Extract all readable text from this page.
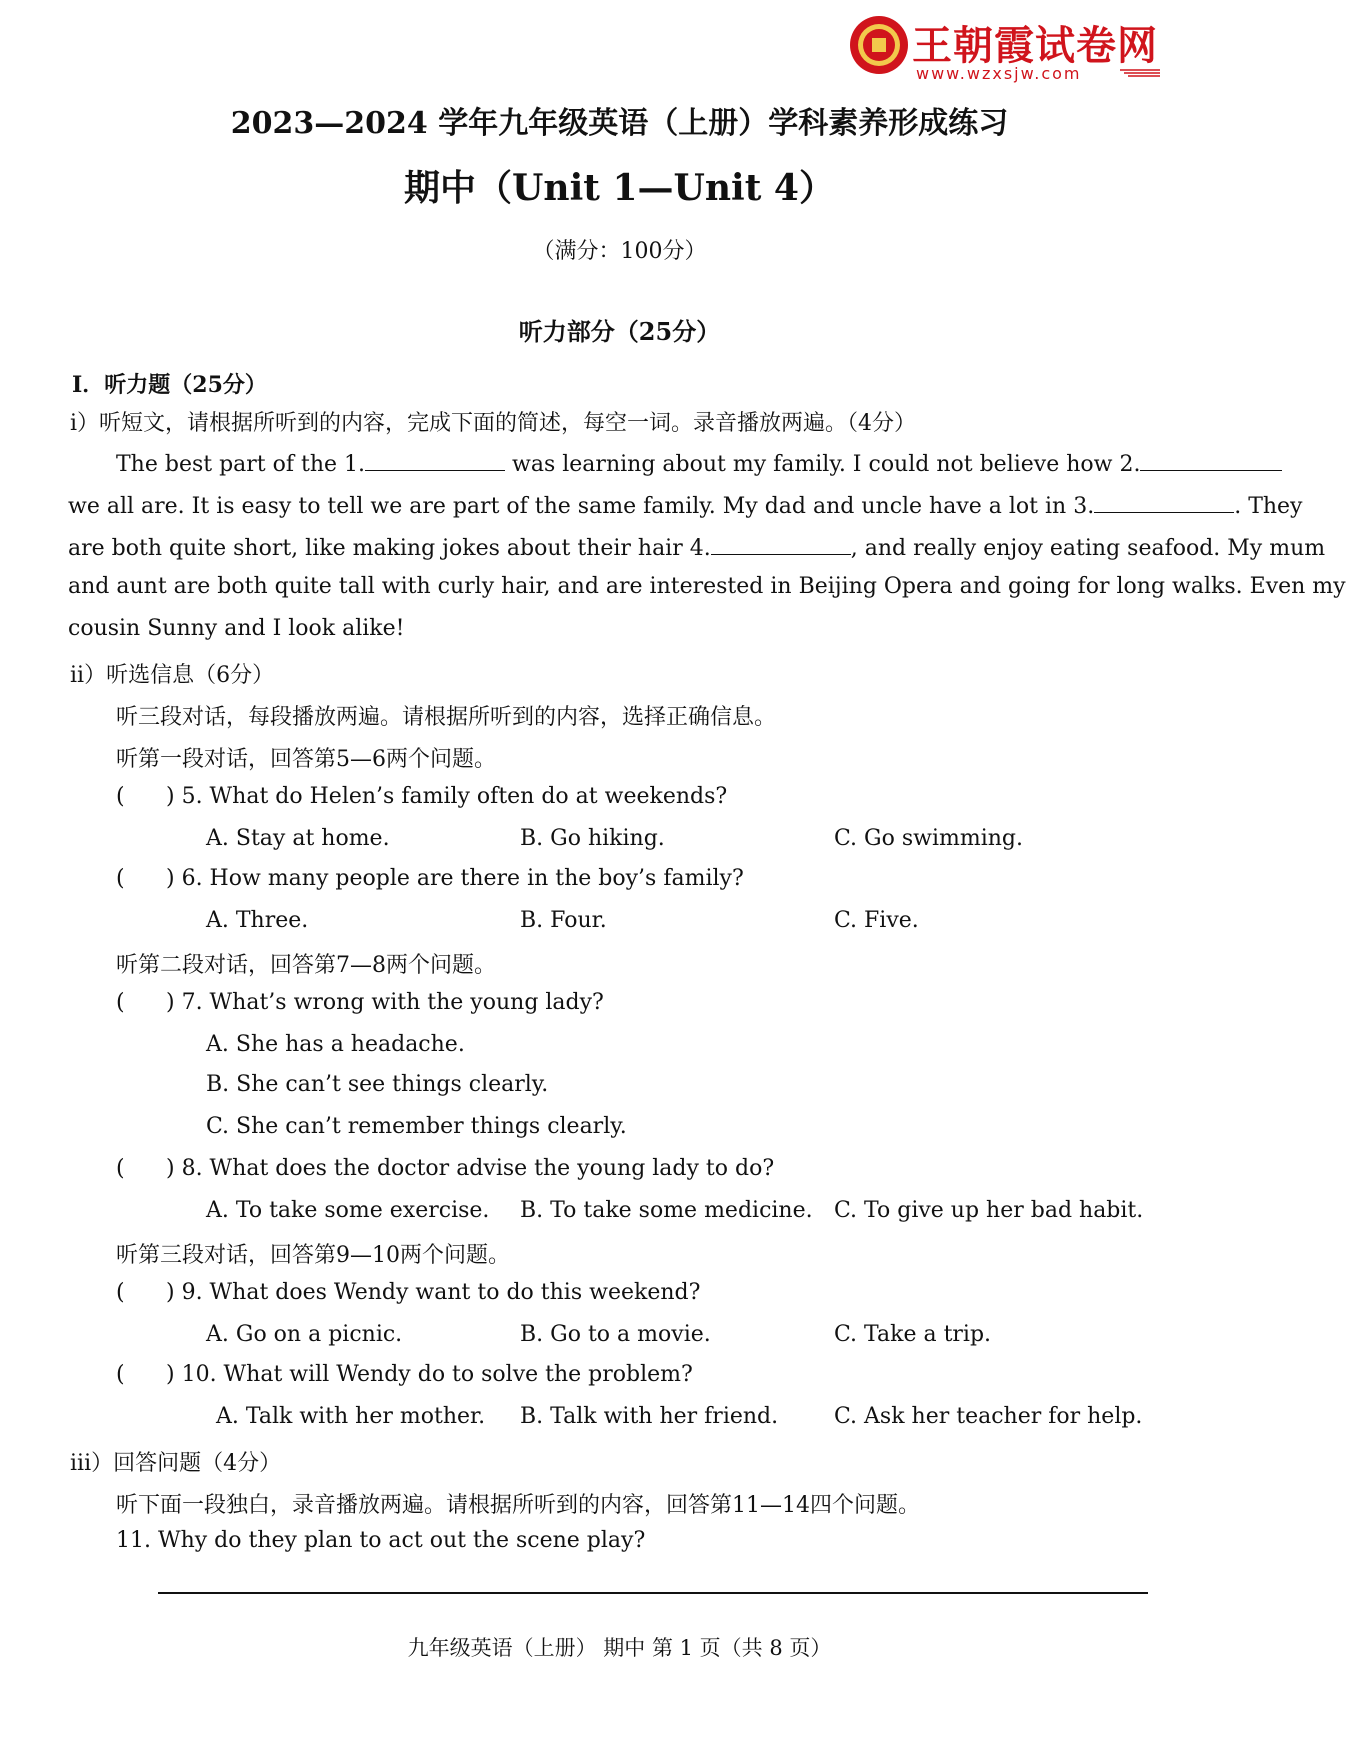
王朝霞试卷网
www.wzxsjw.com
2023—2024 学年九年级英语（上册）学科素养形成练习
期中（Unit 1—Unit 4）
（满分：100分）
听力部分（25分）
I．听力题（25分）
i）听短文，请根据所听到的内容，完成下面的简述，每空一词。录音播放两遍。（4分）
The best part of the 1.	was learning about my family. I could not believe how 2.
we all are. It is easy to tell we are part of the same family. My dad and uncle have a lot in 3.	. They
are both quite short, like making jokes about their hair 4.	, and really enjoy eating seafood. My mum
and aunt are both quite tall with curly hair, and are interested in Beijing Opera and going for long walks. Even my
cousin Sunny and I look alike!
ii）听选信息（6分）
听三段对话，每段播放两遍。请根据所听到的内容，选择正确信息。
听第一段对话，回答第5—6两个问题。
( ) 5. What do Helen’s family often do at weekends?
A. Stay at home.	B. Go hiking.	C. Go swimming.
( ) 6. How many people are there in the boy’s family?
A. Three.	B. Four.	C. Five.
听第二段对话，回答第7—8两个问题。
( ) 7. What’s wrong with the young lady?
A. She has a headache.
B. She can’t see things clearly.
C. She can’t remember things clearly.
( ) 8. What does the doctor advise the young lady to do?
A. To take some exercise. B. To take some medicine. C. To give up her bad habit.
听第三段对话，回答第9—10两个问题。
( ) 9. What does Wendy want to do this weekend?
A. Go on a picnic.	B. Go to a movie.	C. Take a trip.
( ) 10. What will Wendy do to solve the problem?
A. Talk with her mother. B. Talk with her friend.	C. Ask her teacher for help.
iii）回答问题（4分）
听下面一段独白，录音播放两遍。请根据所听到的内容，回答第11—14四个问题。
11. Why do they plan to act out the scene play?
九年级英语（上册） 期中 第 1 页（共 8 页）
